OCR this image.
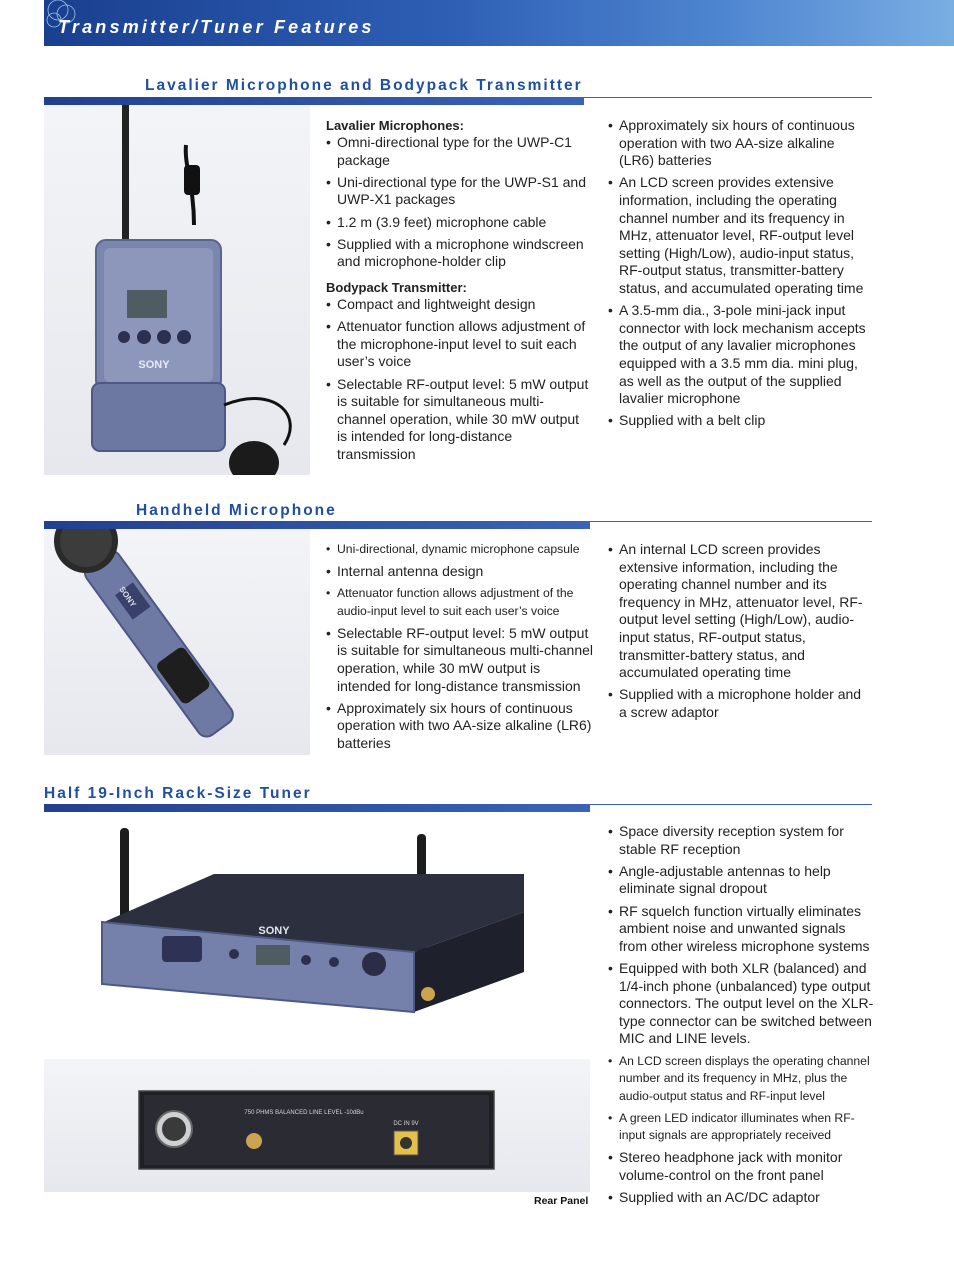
Transmitter/Tuner Features
Lavalier Microphone and Bodypack Transmitter
SONY
Lavalier Microphones:
• Omni-directional type for the UWP-C1 package
• Uni-directional type for the UWP-S1 and UWP-X1 packages
• 1.2 m (3.9 feet) microphone cable
• Supplied with a microphone windscreen and microphone-holder clip
Bodypack Transmitter:
• Compact and lightweight design
• Attenuator function allows adjustment of the microphone-input level to suit each user’s voice
• Selectable RF-output level: 5 mW output is suitable for simultaneous multi-channel operation, while 30 mW output is intended for long-distance transmission
• Approximately six hours of continuous operation with two AA-size alkaline (LR6) batteries
• An LCD screen provides extensive information, including the operating channel number and its frequency in MHz, attenuator level, RF-output level setting (High/Low), audio-input status, RF-output status, transmitter-battery status, and accumulated operating time
• A 3.5-mm dia., 3-pole mini-jack input connector with lock mechanism accepts the output of any lavalier microphones equipped with a 3.5 mm dia. mini plug, as well as the output of the supplied lavalier microphone
• Supplied with a belt clip
Handheld Microphone
SONY
• Uni-directional, dynamic microphone capsule
• Internal antenna design
• Attenuator function allows adjustment of the audio-input level to suit each user’s voice
• Selectable RF-output level: 5 mW output is suitable for simultaneous multi-channel operation, while 30 mW output is intended for long-distance transmission
• Approximately six hours of continuous operation with two AA-size alkaline (LR6) batteries
• An internal LCD screen provides extensive information, including the operating channel number and its frequency in MHz, attenuator level, RF-output level setting (High/Low), audio-input status, RF-output status, transmitter-battery status, and accumulated operating time
• Supplied with a microphone holder and a screw adaptor
Half 19-Inch Rack-Size Tuner
SONY
750 PHMS BALANCED LINE LEVEL -10dBu
DC IN 9V
Rear Panel
• Space diversity reception system for stable RF reception
• Angle-adjustable antennas to help eliminate signal dropout
• RF squelch function virtually eliminates ambient noise and unwanted signals from other wireless microphone systems
• Equipped with both XLR (balanced) and 1/4-inch phone (unbalanced) type output connectors. The output level on the XLR-type connector can be switched between MIC and LINE levels.
• An LCD screen displays the operating channel number and its frequency in MHz, plus the audio-output status and RF-input level
• A green LED indicator illuminates when RF-input signals are appropriately received
• Stereo headphone jack with monitor volume-control on the front panel
• Supplied with an AC/DC adaptor
